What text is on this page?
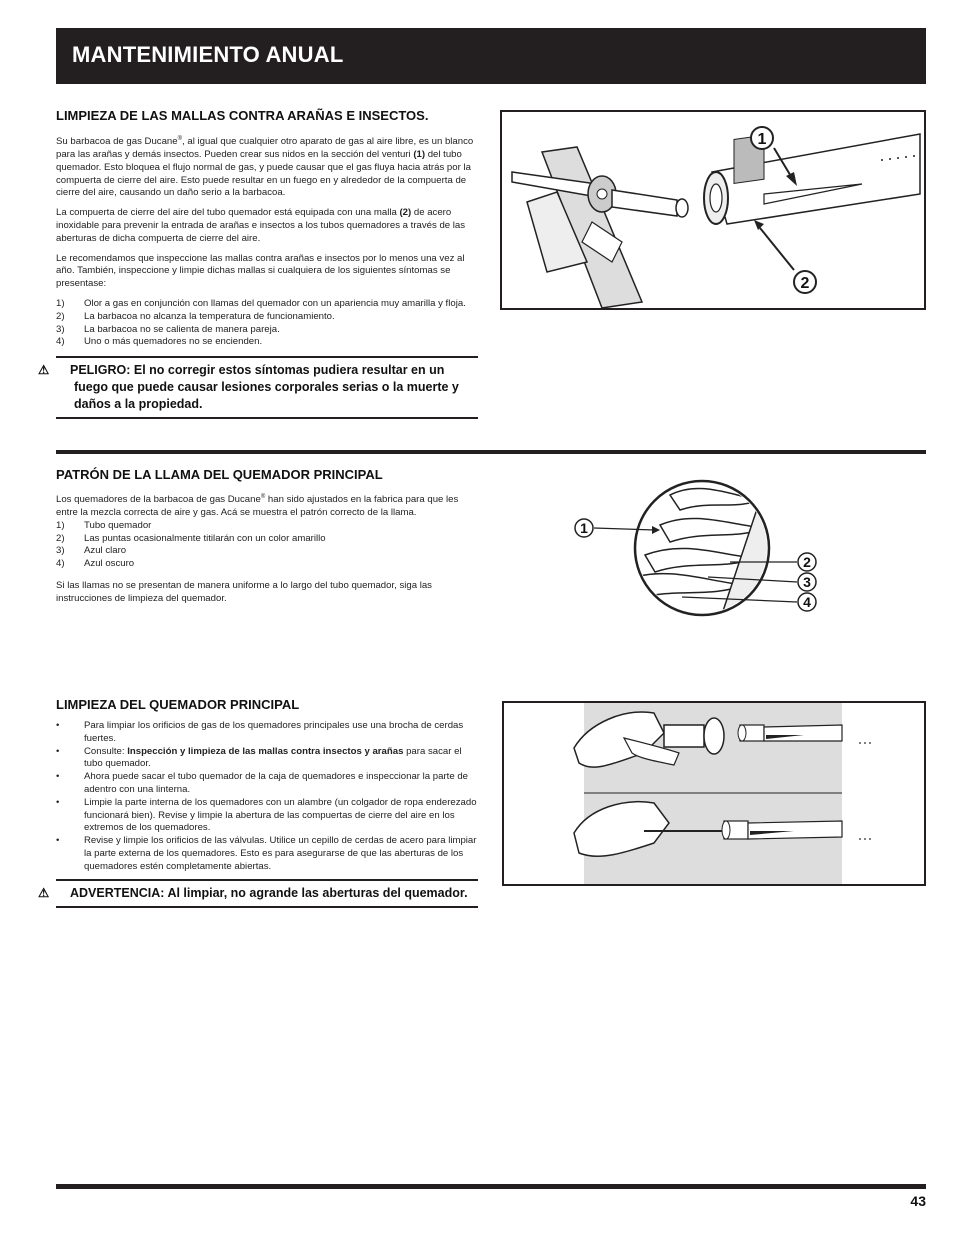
MANTENIMIENTO ANUAL
LIMPIEZA DE LAS MALLAS CONTRA ARAÑAS E INSECTOS.

Su barbacoa de gas Ducane®, al igual que cualquier otro aparato de gas al aire libre, es un blanco para las arañas y demás insectos. Pueden crear sus nidos en la sección del venturi (1) del tubo quemador. Esto bloquea el flujo normal de gas, y puede causar que el gas fluya hacia atrás por la compuerta de cierre del aire. Esto puede resultar en un fuego en y alrededor de la compuerta de cierre del aire, causando un daño serio a la barbacoa.

La compuerta de cierre del aire del tubo quemador está equipada con una malla (2) de acero inoxidable para prevenir la entrada de arañas e insectos a los tubos quemadores a través de las aberturas de dicha compuerta de cierre del aire.

Le recomendamos que inspeccione las mallas contra arañas e insectos por lo menos una vez al año. También, inspeccione y limpie dichas mallas si cualquiera de los siguientes síntomas se presentase:

1) Olor a gas en conjunción con llamas del quemador con un apariencia muy amarilla y floja.
2) La barbacoa no alcanza la temperatura de funcionamiento.
3) La barbacoa no se calienta de manera pareja.
4) Uno o más quemadores no se encienden.
⚠ PELIGRO: El no corregir estos síntomas pudiera resultar en un fuego que puede causar lesiones corporales serias o la muerte y daños a la propiedad.
1
2
PATRÓN DE LA LLAMA DEL QUEMADOR PRINCIPAL

Los quemadores de la barbacoa de gas Ducane® han sido ajustados en la fabrica para que les entre la mezcla correcta de aire y gas. Acá se muestra el patrón correcto de la llama.

1) Tubo quemador
2) Las puntas ocasionalmente titilarán con un color amarillo
3) Azul claro
4) Azul oscuro

Si las llamas no se presentan de manera uniforme a lo largo del tubo quemador, siga las instrucciones de limpieza del quemador.

1
2
3
4
LIMPIEZA DEL QUEMADOR PRINCIPAL
•	Para limpiar los orificios de gas de los quemadores principales use una brocha de cerdas fuertes.
•	Consulte: Inspección y limpieza de las mallas contra insectos y arañas para sacar el tubo quemador.
•	Ahora puede sacar el tubo quemador de la caja de quemadores e inspeccionar la parte de adentro con una linterna.
•	Limpie la parte interna de los quemadores con un alambre (un colgador de ropa enderezado funcionará bien). Revise y limpie la abertura de las compuertas de cierre del aire en los extremos de los quemadores.
•	Revise y limpie los orificios de las válvulas. Utilice un cepillo de cerdas de acero para limpiar la parte externa de los quemadores. Esto es para asegurarse de que las aberturas de los quemadores estén completamente abiertas.
⚠ ADVERTENCIA: Al limpiar, no agrande las aberturas del quemador.
43
